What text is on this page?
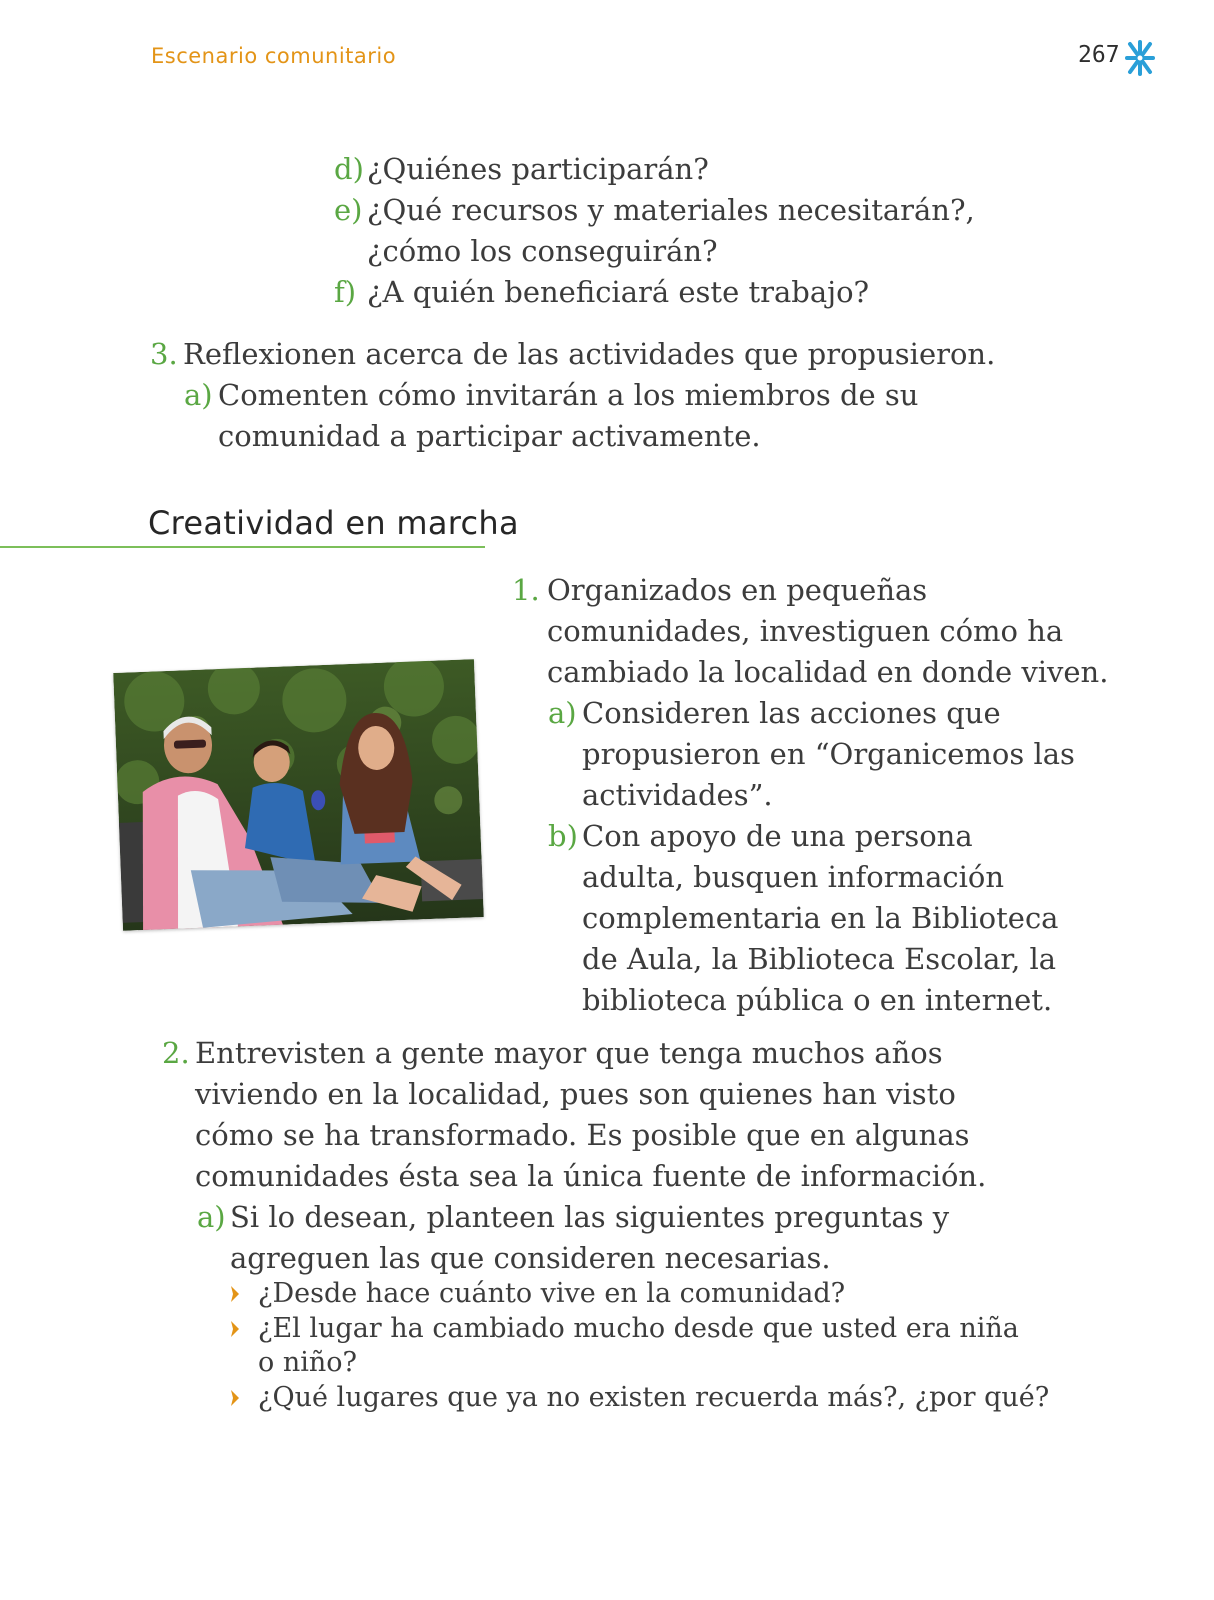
Escenario comunitario	267
d) ¿Quiénes participarán?
e) ¿Qué recursos y materiales necesitarán?,
¿cómo los conseguirán?
f) ¿A quién beneficiará este trabajo?
3. Reflexionen acerca de las actividades que propusieron.
a) Comenten cómo invitarán a los miembros de su
comunidad a participar activamente.
Creatividad en marcha
1. Organizados en pequeñas
comunidades, investiguen cómo ha
cambiado la localidad en donde viven.
a) Consideren las acciones que
propusieron en “Organicemos las
actividades”.
b) Con apoyo de una persona
adulta, busquen información
complementaria en la Biblioteca
de Aula, la Biblioteca Escolar, la
biblioteca pública o en internet.
2. Entrevisten a gente mayor que tenga muchos años
viviendo en la localidad, pues son quienes han visto
cómo se ha transformado. Es posible que en algunas
comunidades ésta sea la única fuente de información.
a) Si lo desean, planteen las siguientes preguntas y
agreguen las que consideren necesarias.
¿Desde hace cuánto vive en la comunidad?
¿El lugar ha cambiado mucho desde que usted era niña
o niño?
¿Qué lugares que ya no existen recuerda más?, ¿por qué?
